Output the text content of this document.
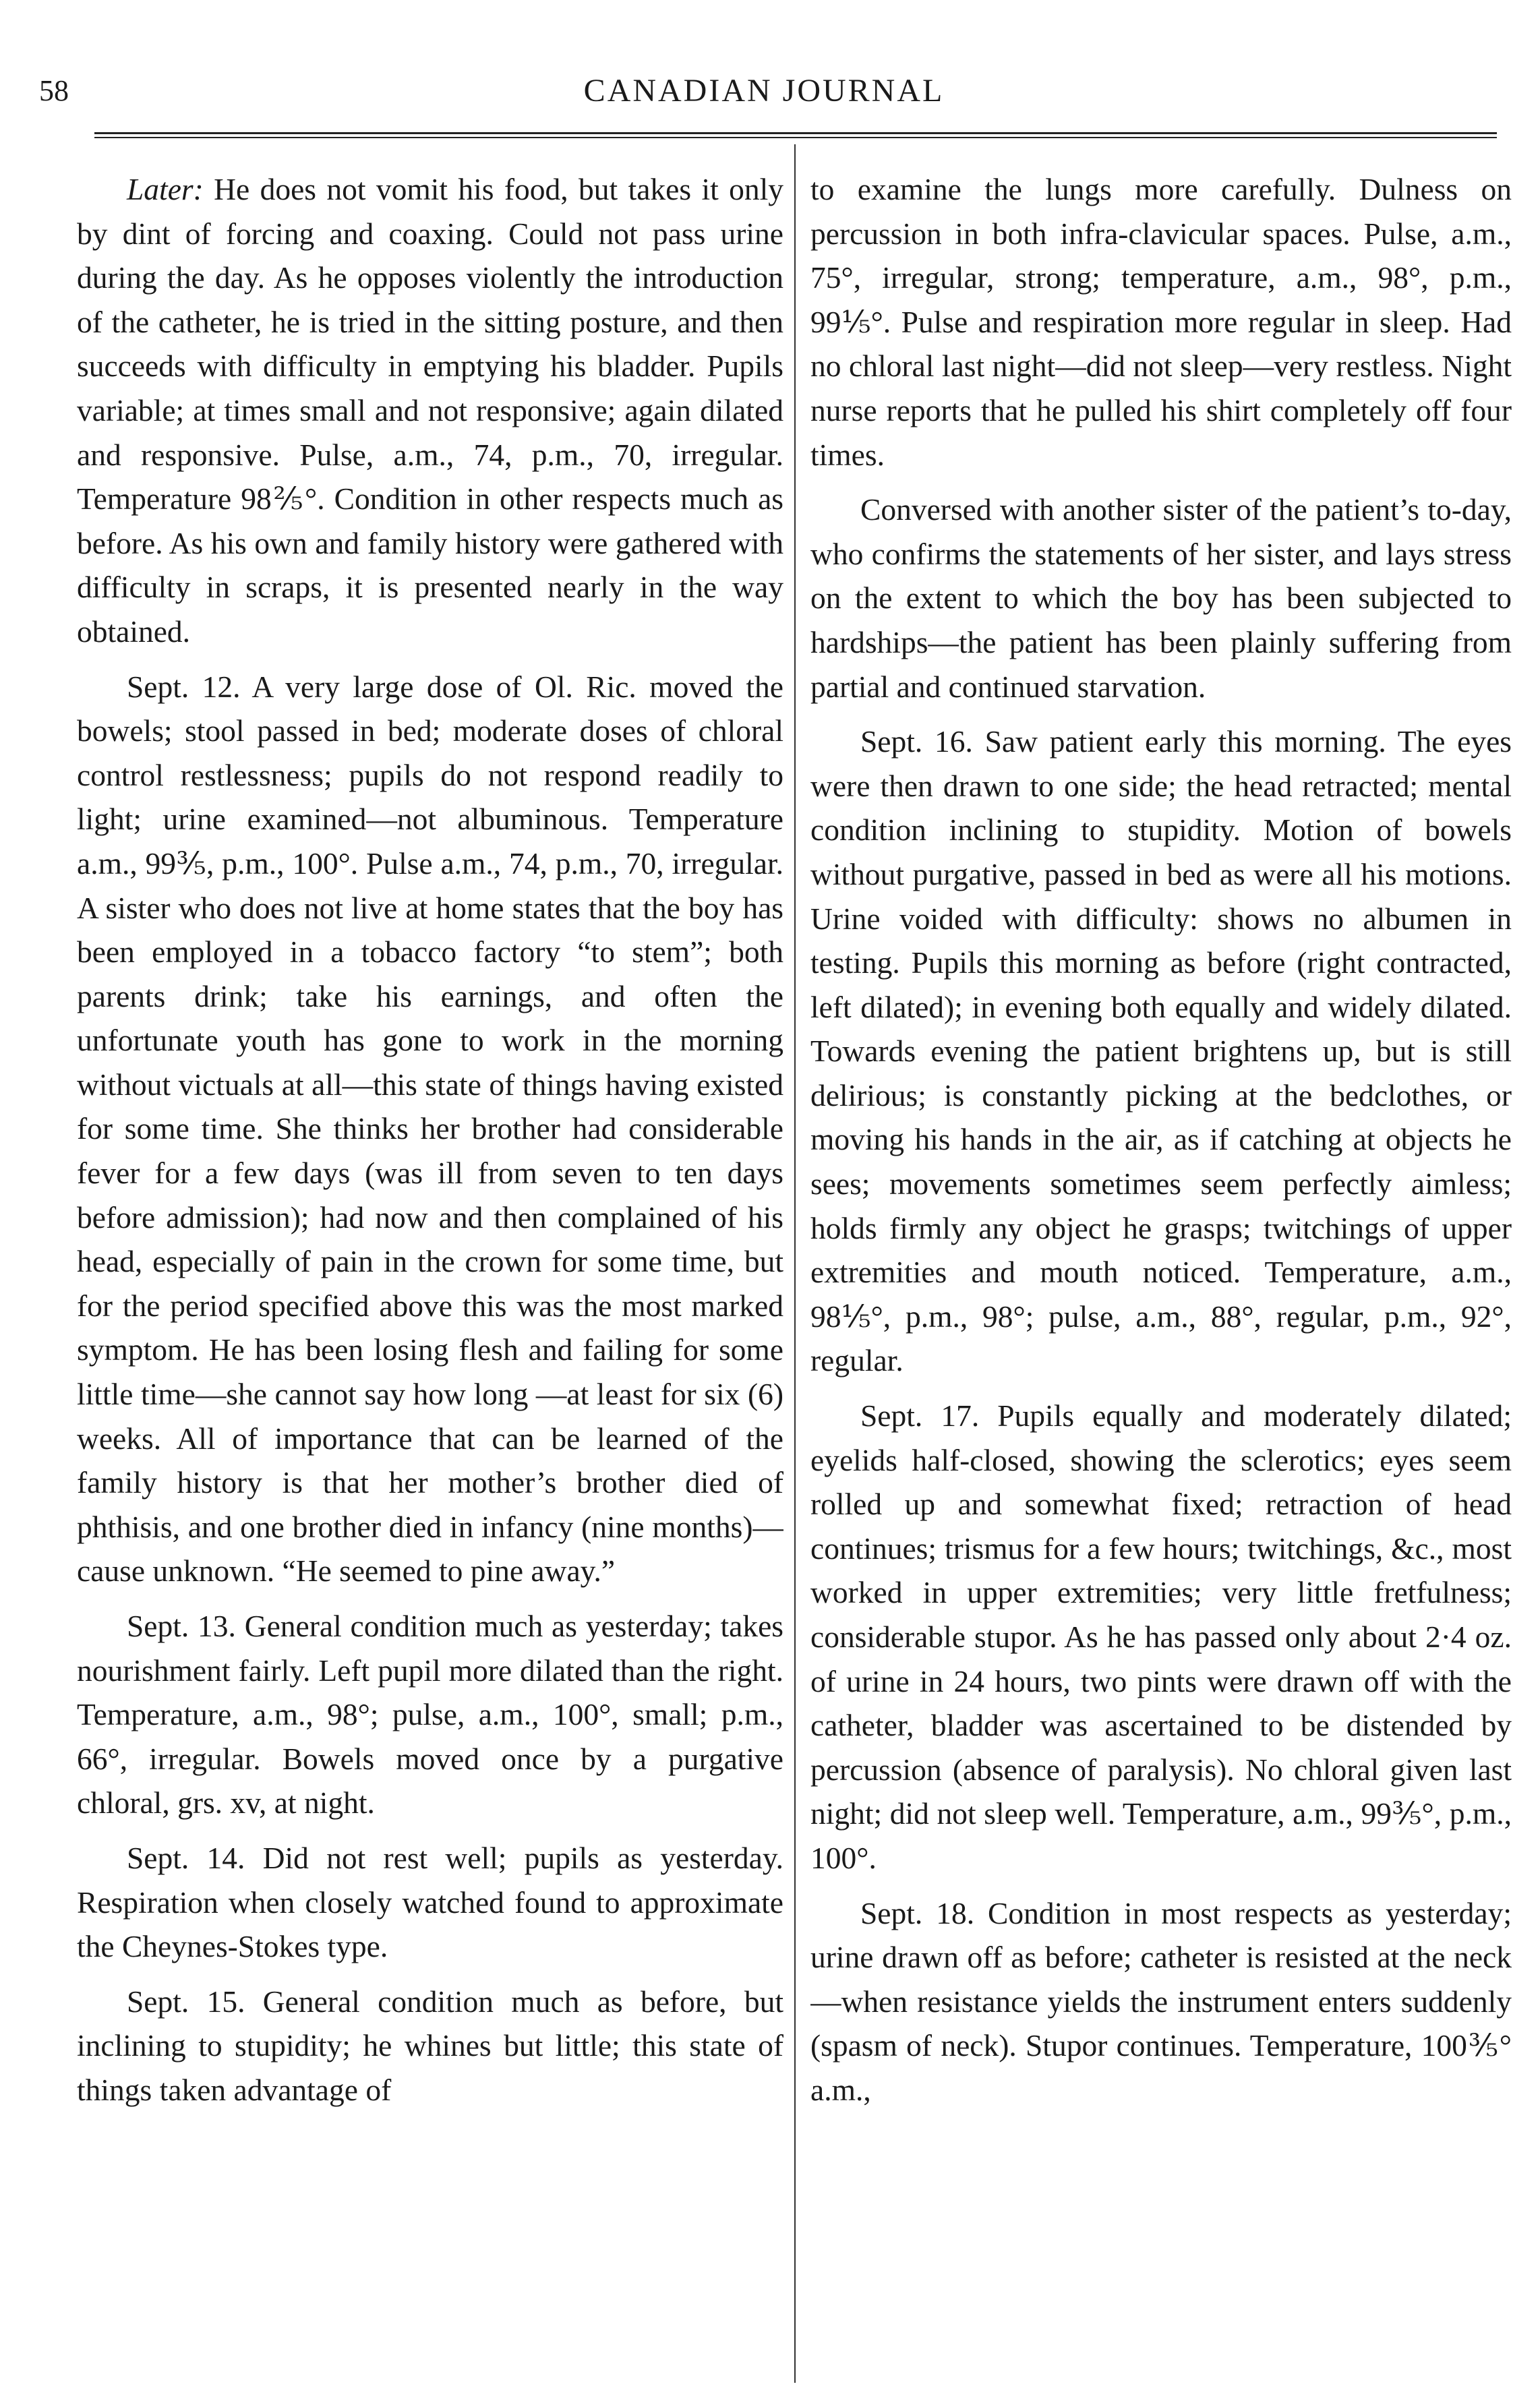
58	CANADIAN JOURNAL

Later: He does not vomit his food, but takes it only by dint of forcing and coaxing. Could not pass urine during the day. As he opposes violently the introduction of the catheter, he is tried in the sitting posture, and then succeeds with difficulty in emptying his bladder. Pupils variable; at times small and not responsive; again dilated and responsive. Pulse, a.m., 74, p.m., 70, irregular. Temperature 98⅖°. Condition in other respects much as before. As his own and family history were gathered with difficulty in scraps, it is presented nearly in the way obtained.

Sept. 12. A very large dose of Ol. Ric. moved the bowels; stool passed in bed; moderate doses of chloral control restlessness; pupils do not respond readily to light; urine examined—not albuminous. Temperature a.m., 99⅗, p.m., 100°. Pulse a.m., 74, p.m., 70, irregular. A sister who does not live at home states that the boy has been employed in a tobacco factory “to stem”; both parents drink; take his earnings, and often the unfortunate youth has gone to work in the morning without victuals at all—this state of things having existed for some time. She thinks her brother had considerable fever for a few days (was ill from seven to ten days before admission); had now and then complained of his head, especially of pain in the crown for some time, but for the period specified above this was the most marked symptom. He has been losing flesh and failing for some little time—she cannot say how long —at least for six (6) weeks. All of importance that can be learned of the family history is that her mother’s brother died of phthisis, and one brother died in infancy (nine months)—cause unknown. “He seemed to pine away.”

Sept. 13. General condition much as yesterday; takes nourishment fairly. Left pupil more dilated than the right. Temperature, a.m., 98°; pulse, a.m., 100°, small; p.m., 66°, irregular. Bowels moved once by a purgative chloral, grs. xv, at night.

Sept. 14. Did not rest well; pupils as yesterday. Respiration when closely watched found to approximate the Cheynes-Stokes type.

Sept. 15. General condition much as before, but inclining to stupidity; he whines but little; this state of things taken advantage of

to examine the lungs more carefully. Dulness on percussion in both infra-clavicular spaces. Pulse, a.m., 75°, irregular, strong; temperature, a.m., 98°, p.m., 99⅕°. Pulse and respiration more regular in sleep. Had no chloral last night—did not sleep—very restless. Night nurse reports that he pulled his shirt completely off four times.

Conversed with another sister of the patient’s to-day, who confirms the statements of her sister, and lays stress on the extent to which the boy has been subjected to hardships—the patient has been plainly suffering from partial and continued starvation.

Sept. 16. Saw patient early this morning. The eyes were then drawn to one side; the head retracted; mental condition inclining to stupidity. Motion of bowels without purgative, passed in bed as were all his motions. Urine voided with difficulty: shows no albumen in testing. Pupils this morning as before (right contracted, left dilated); in evening both equally and widely dilated. Towards evening the patient brightens up, but is still delirious; is constantly picking at the bedclothes, or moving his hands in the air, as if catching at objects he sees; movements sometimes seem perfectly aimless; holds firmly any object he grasps; twitchings of upper extremities and mouth noticed. Temperature, a.m., 98⅕°, p.m., 98°; pulse, a.m., 88°, regular, p.m., 92°, regular.

Sept. 17. Pupils equally and moderately dilated; eyelids half-closed, showing the sclerotics; eyes seem rolled up and somewhat fixed; retraction of head continues; trismus for a few hours; twitchings, &c., most worked in upper extremities; very little fretfulness; considerable stupor. As he has passed only about 2·4 oz. of urine in 24 hours, two pints were drawn off with the catheter, bladder was ascertained to be distended by percussion (absence of paralysis). No chloral given last night; did not sleep well. Temperature, a.m., 99⅗°, p.m., 100°.

Sept. 18. Condition in most respects as yesterday; urine drawn off as before; catheter is resisted at the neck—when resistance yields the instrument enters suddenly (spasm of neck). Stupor continues. Temperature, 100⅗° a.m.,
